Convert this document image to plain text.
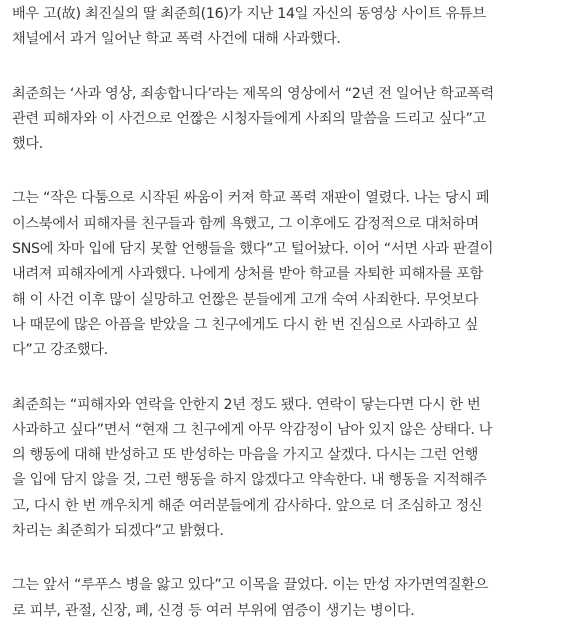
배우 고(故) 최진실의 딸 최준희(16)가 지난 14일 자신의 동영상 사이트 유튜브
채널에서 과거 일어난 학교 폭력 사건에 대해 사과했다.

최준희는 ‘사과 영상, 죄송합니다’라는 제목의 영상에서 “2년 전 일어난 학교폭력
관련 피해자와 이 사건으로 언짢은 시청자들에게 사죄의 말씀을 드리고 싶다”고
했다.

그는 “작은 다툼으로 시작된 싸움이 커져 학교 폭력 재판이 열렸다. 나는 당시 페
이스북에서 피해자를 친구들과 함께 욕했고, 그 이후에도 감정적으로 대처하며
SNS에 차마 입에 담지 못할 언행들을 했다”고 털어놨다. 이어 “서면 사과 판결이
내려져 피해자에게 사과했다. 나에게 상처를 받아 학교를 자퇴한 피해자를 포함
해 이 사건 이후 많이 실망하고 언짢은 분들에게 고개 숙여 사죄한다. 무엇보다
나 때문에 많은 아픔을 받았을 그 친구에게도 다시 한 번 진심으로 사과하고 싶
다”고 강조했다.

최준희는 “피해자와 연락을 안한지 2년 정도 됐다. 연락이 닿는다면 다시 한 번
사과하고 싶다”면서 “현재 그 친구에게 아무 악감정이 남아 있지 않은 상태다. 나
의 행동에 대해 반성하고 또 반성하는 마음을 가지고 살겠다. 다시는 그런 언행
을 입에 담지 않을 것, 그런 행동을 하지 않겠다고 약속한다. 내 행동을 지적해주
고, 다시 한 번 깨우치게 해준 여러분들에게 감사하다. 앞으로 더 조심하고 정신
차리는 최준희가 되겠다”고 밝혔다.

그는 앞서 “루푸스 병을 앓고 있다”고 이목을 끌었다. 이는 만성 자가면역질환으
로 피부, 관절, 신장, 폐, 신경 등 여러 부위에 염증이 생기는 병이다.
